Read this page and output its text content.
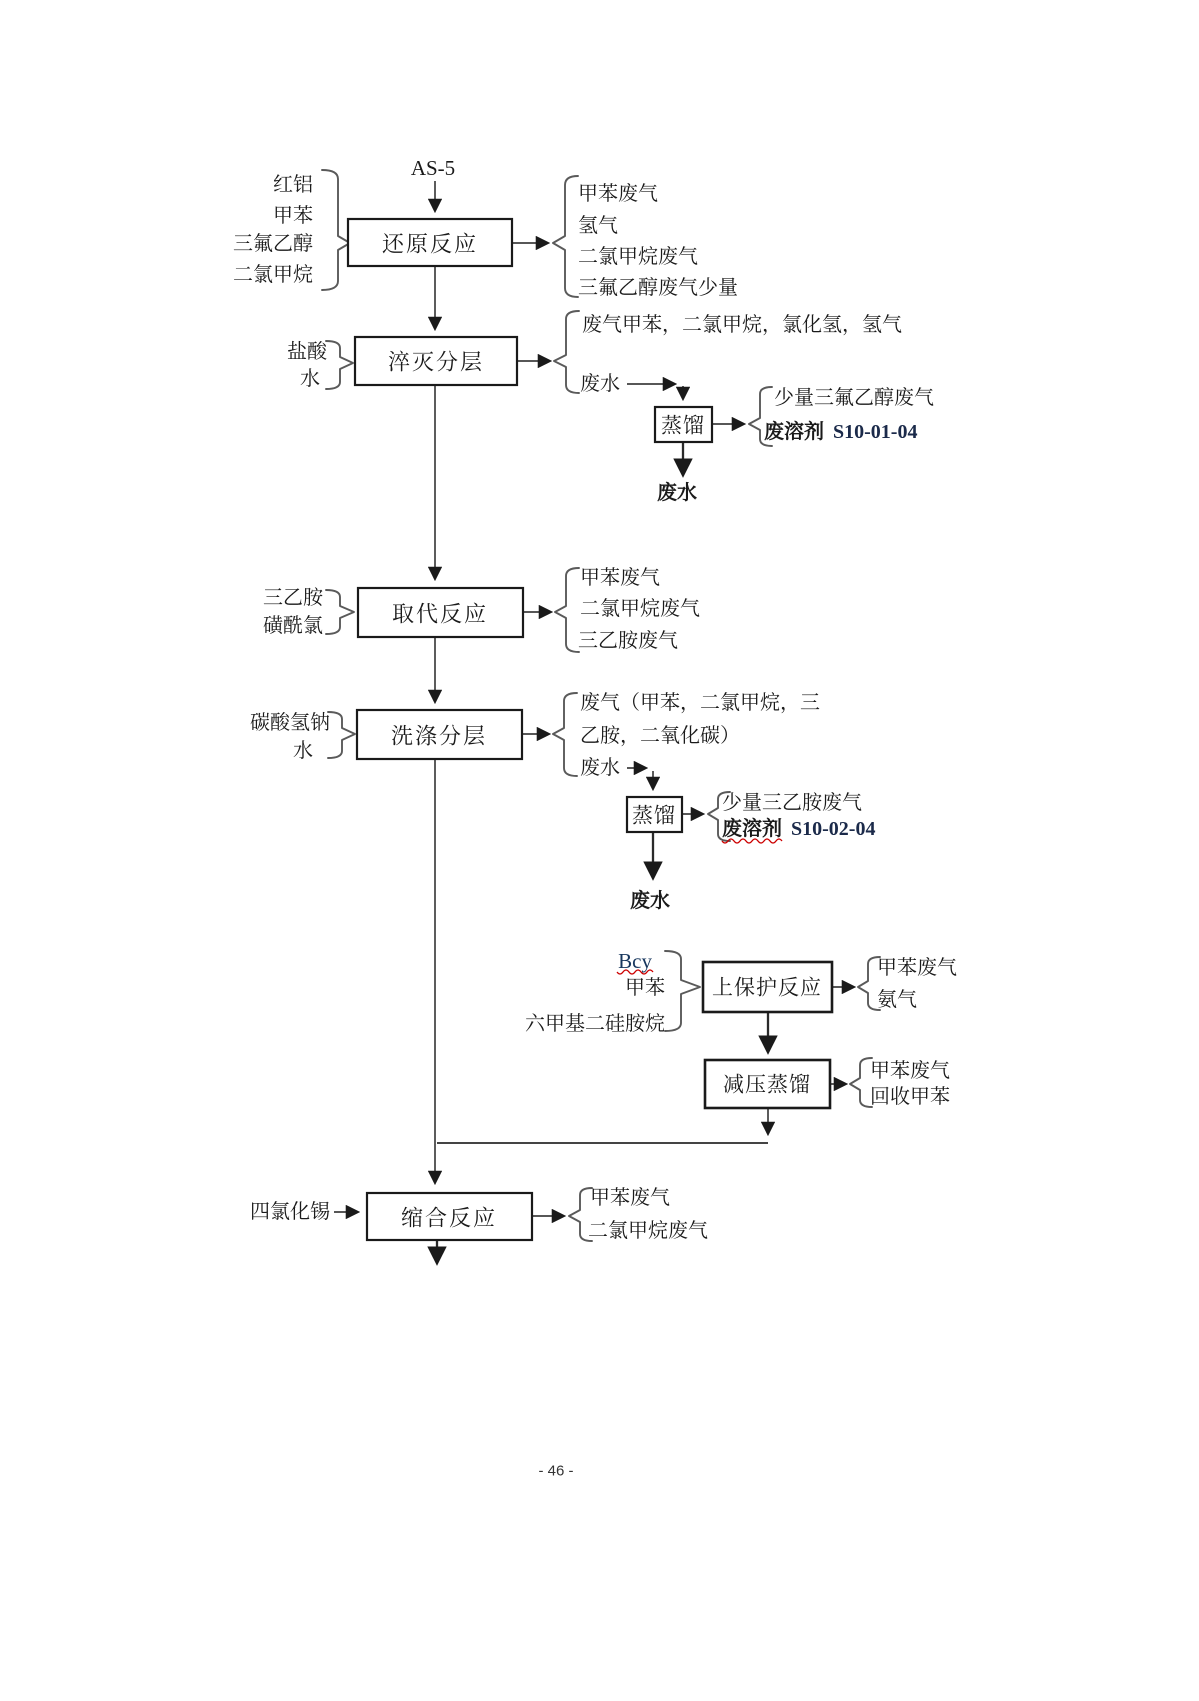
还原反应
淬灭分层
蒸馏
取代反应
洗涤分层
蒸馏
上保护反应
减压蒸馏
缩合反应
AS-5
红铝
甲苯
三氟乙醇
二氯甲烷
甲苯废气
氢气
二氯甲烷废气
三氟乙醇废气少量
盐酸
水
废气甲苯，二氯甲烷，氯化氢，氢气
废水
少量三氟乙醇废气
废溶剂 S10-01-04
废水
三乙胺
磺酰氯
甲苯废气
二氯甲烷废气
三乙胺废气
碳酸氢钠
水
废气（甲苯，二氯甲烷，三
乙胺，二氧化碳）
废水
少量三乙胺废气
废溶剂 S10-02-04
废水
Bcy
甲苯
六甲基二硅胺烷
甲苯废气
氨气
甲苯废气
回收甲苯
四氯化锡
甲苯废气
二氯甲烷废气
- 46 -
